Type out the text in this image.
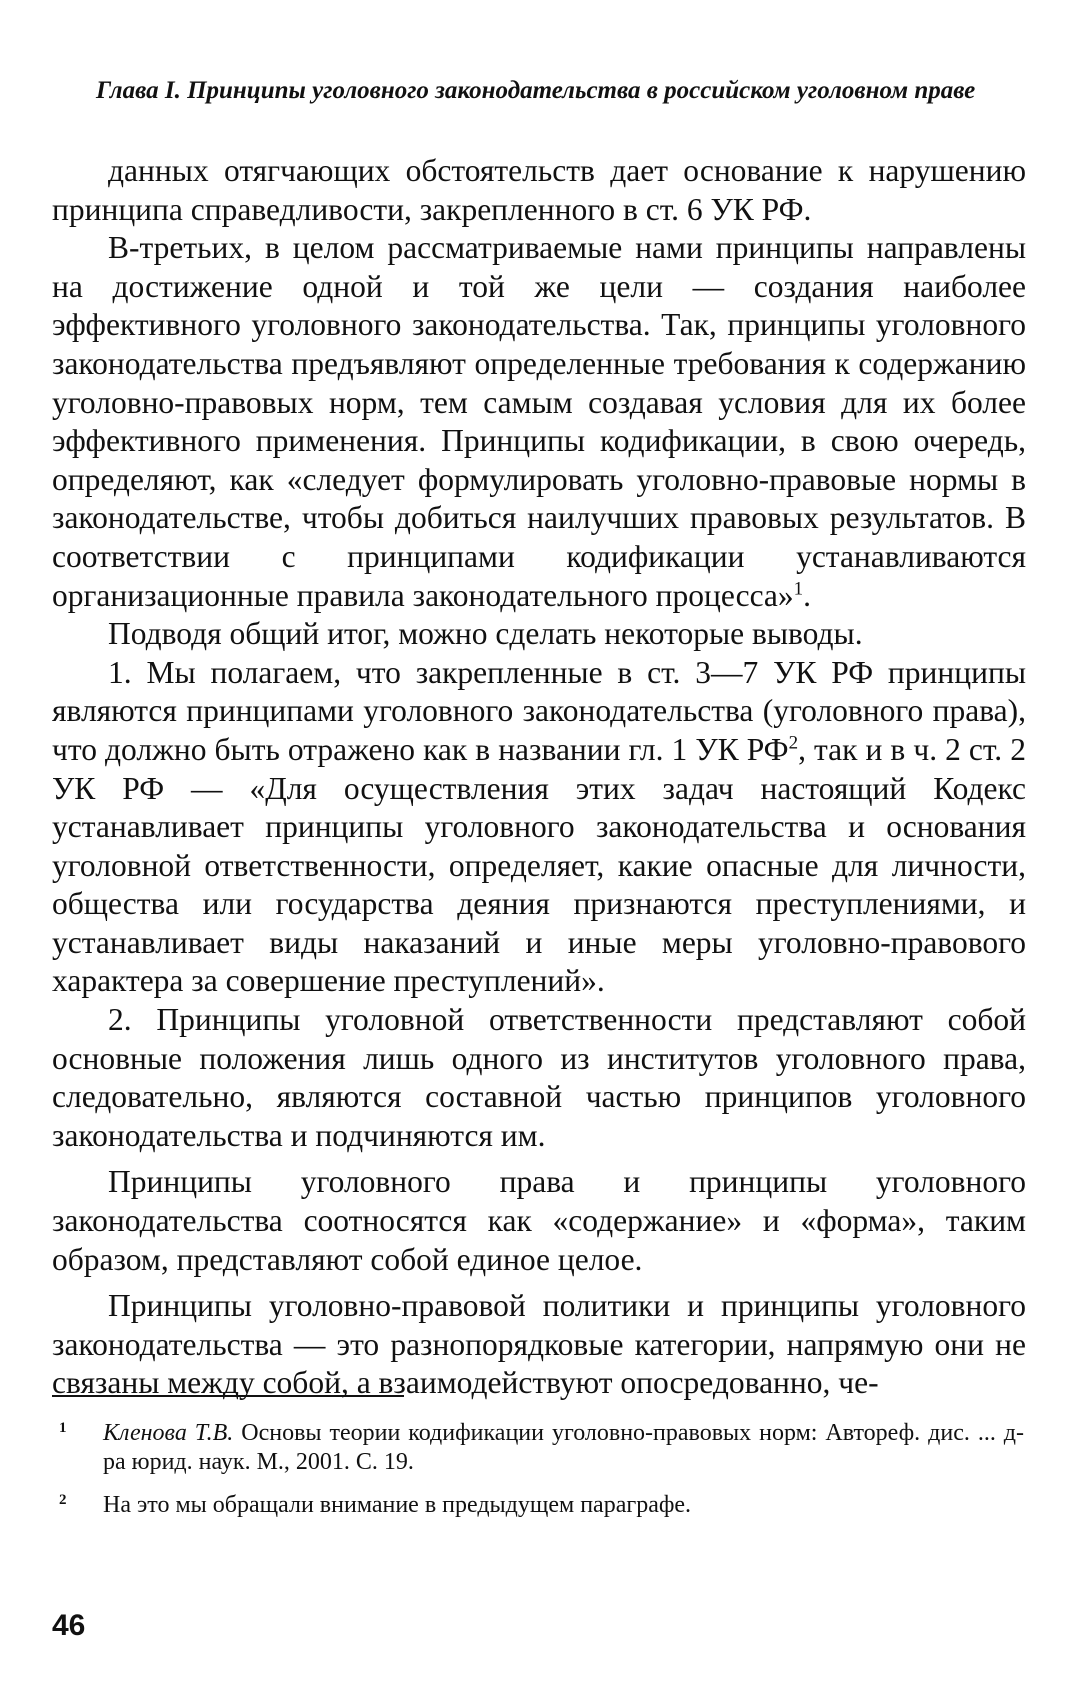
Глава I. Принципы уголовного законодательства в российском уголовном праве

данных отягчающих обстоятельств дает основание к нарушению принципа справедливости, закрепленного в ст. 6 УК РФ.

В-третьих, в целом рассматриваемые нами принципы направлены на достижение одной и той же цели — создания наиболее эффективного уголовного законодательства. Так, принципы уголовного законодательства предъявляют определенные требования к содержанию уголовно-правовых норм, тем самым создавая условия для их более эффективного применения. Принципы кодификации, в свою очередь, определяют, как «следует формулировать уголовно-правовые нормы в законодательстве, чтобы добиться наилучших правовых результатов. В соответствии с принципами кодификации устанавливаются организационные правила законодательного процесса»$^1$.

Подводя общий итог, можно сделать некоторые выводы.

1. Мы полагаем, что закрепленные в ст. 3—7 УК РФ принципы являются принципами уголовного законодательства (уголовного права), что должно быть отражено как в названии гл. 1 УК $РФ^2$, так и в ч. 2 ст. 2 УК РФ — «Для осуществления этих задач настоящий Кодекс устанавливает принципы уголовного законодательства и основания уголовной ответственности, определяет, какие опасные для личности, общества или государства деяния признаются преступлениями, и устанавливает виды наказаний и иные меры уголовно-правового характера за совершение преступлений».

2. Принципы уголовной ответственности представляют собой основные положения лишь одного из институтов уголовного права, следовательно, являются составной частью принципов уголовного законодательства и подчиняются им.

Принципы уголовного права и принципы уголовного законодательства соотносятся как «содержание» и «форма», таким образом, представляют собой единое целое.

Принципы уголовно-правовой политики и принципы уголовного законодательства — это разнопорядковые категории, напрямую они не связаны между собой, а взаимодействуют опосредованно, че-

1 Кленова Т.В. Основы теории кодификации уголовно-правовых норм: Автореф. дис. ... д-ра юрид. наук. М., 2001. С. 19.
2 На это мы обращали внимание в предыдущем параграфе.
46
